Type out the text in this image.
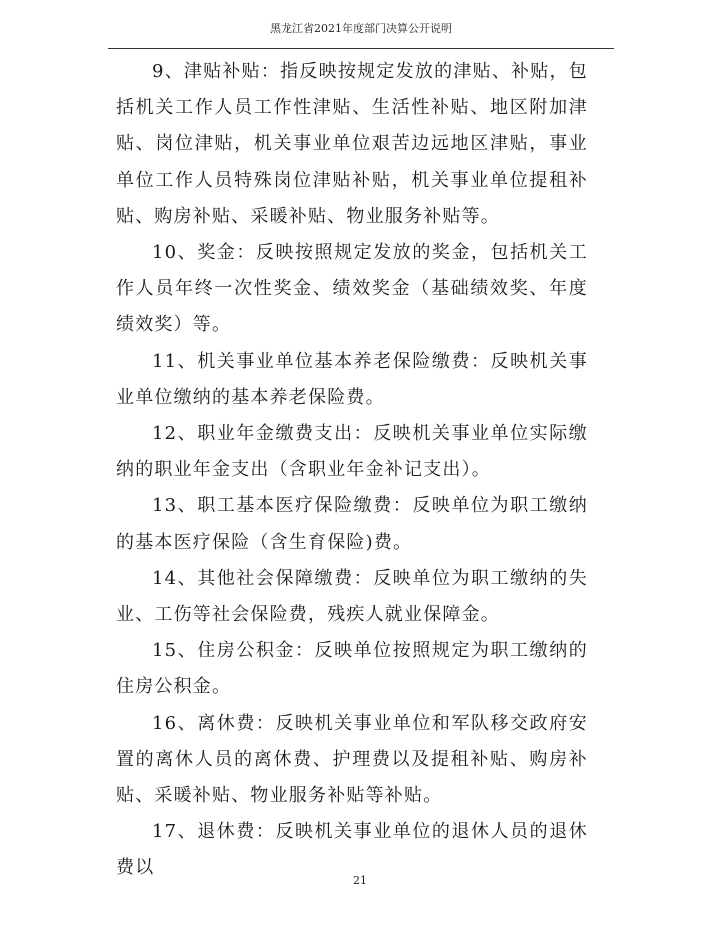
黑龙江省2021年度部门决算公开说明

9、津贴补贴：指反映按规定发放的津贴、补贴，包括机关工作人员工作性津贴、生活性补贴、地区附加津贴、岗位津贴，机关事业单位艰苦边远地区津贴，事业单位工作人员特殊岗位津贴补贴，机关事业单位提租补贴、购房补贴、采暖补贴、物业服务补贴等。

10、奖金：反映按照规定发放的奖金，包括机关工作人员年终一次性奖金、绩效奖金（基础绩效奖、年度绩效奖）等。

11、机关事业单位基本养老保险缴费：反映机关事业单位缴纳的基本养老保险费。

12、职业年金缴费支出：反映机关事业单位实际缴纳的职业年金支出（含职业年金补记支出）。

13、职工基本医疗保险缴费：反映单位为职工缴纳的基本医疗保险（含生育保险)费。

14、其他社会保障缴费：反映单位为职工缴纳的失业、工伤等社会保险费，残疾人就业保障金。

15、住房公积金：反映单位按照规定为职工缴纳的住房公积金。

16、离休费：反映机关事业单位和军队移交政府安置的离休人员的离休费、护理费以及提租补贴、购房补贴、采暖补贴、物业服务补贴等补贴。

17、退休费：反映机关事业单位的退休人员的退休费以

21
